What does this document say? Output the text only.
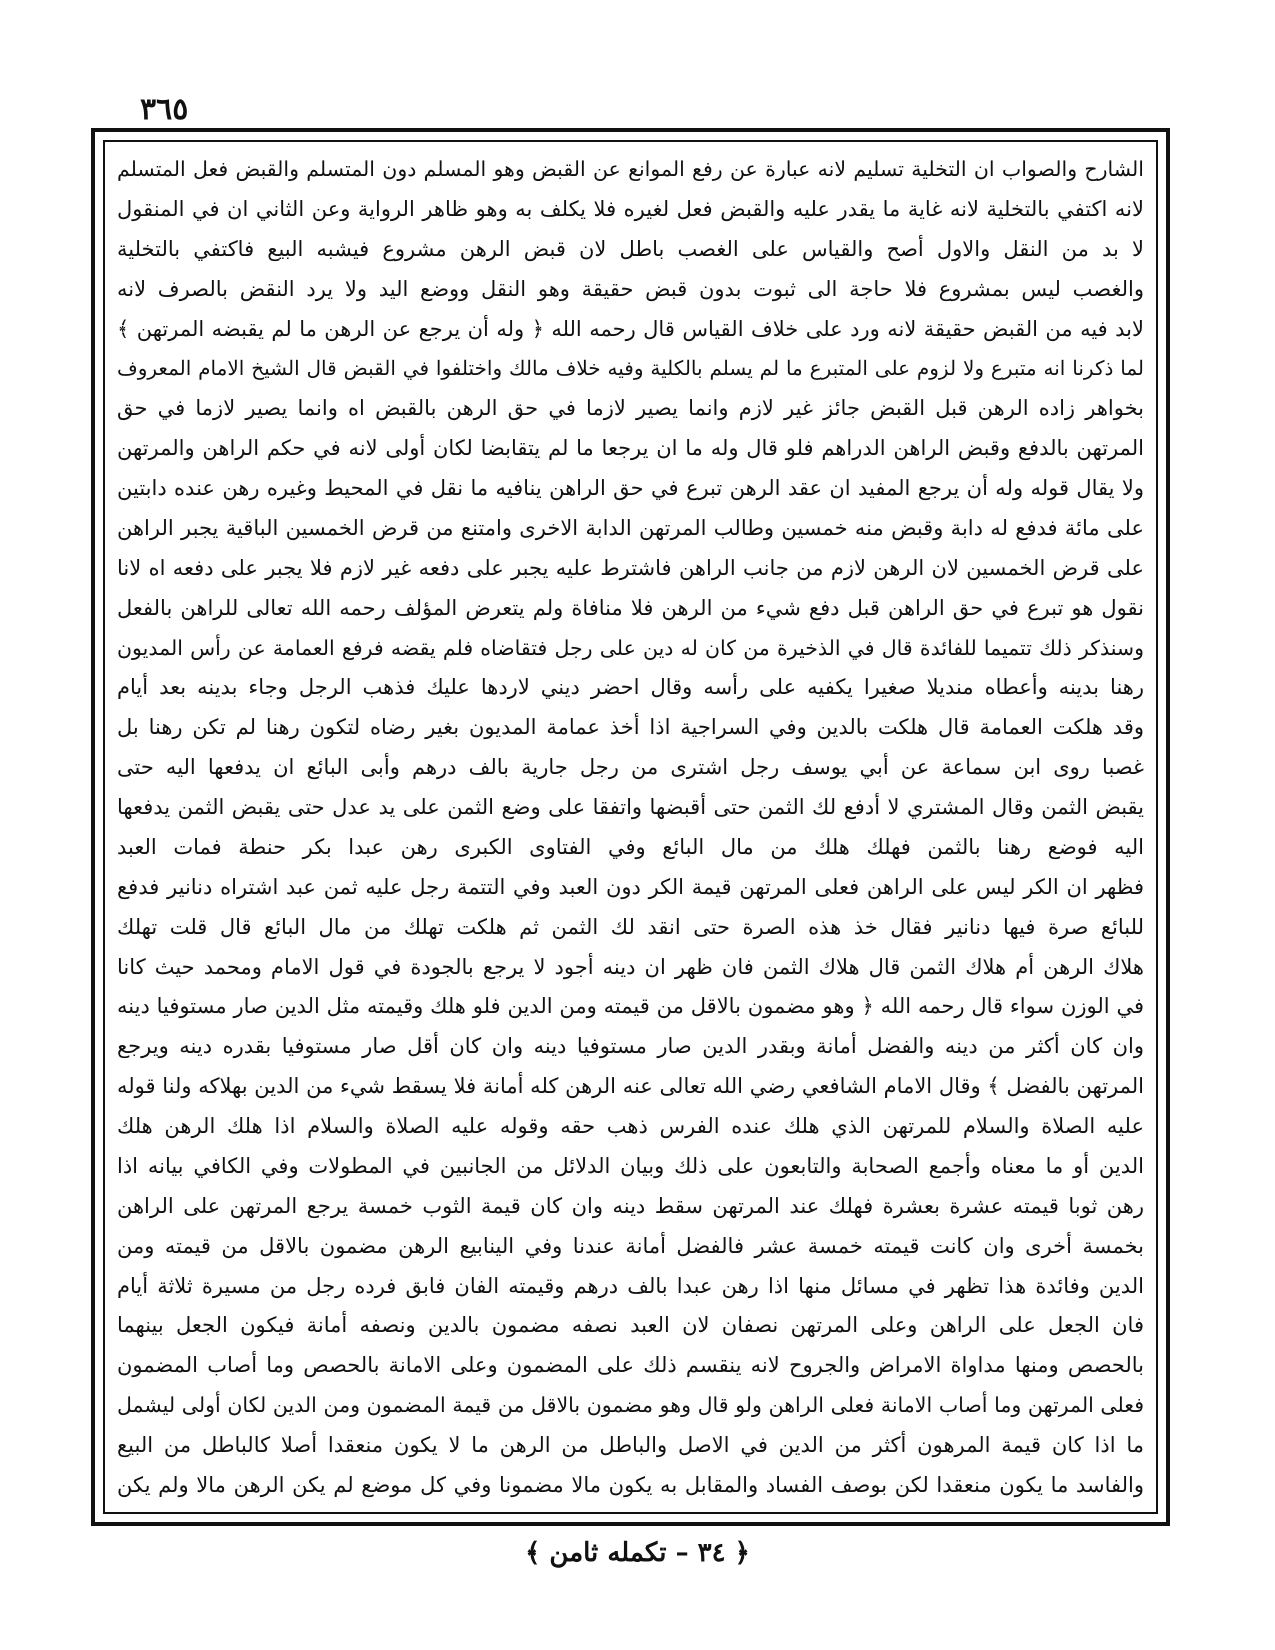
٣٦٥
الشارح والصواب ان التخلية تسليم لانه عبارة عن رفع الموانع عن القبض وهو المسلم دون المتسلم والقبض فعل المتسلم
لانه اكتفي بالتخلية لانه غاية ما يقدر عليه والقبض فعل لغيره فلا يكلف به وهو ظاهر الرواية وعن الثاني ان في المنقول
لا بد من النقل والاول أصح والقياس على الغصب باطل لان قبض الرهن مشروع فيشبه البيع فاكتفي بالتخلية
والغصب ليس بمشروع فلا حاجة الى ثبوت بدون قبض حقيقة وهو النقل ووضع اليد ولا يرد النقض بالصرف لانه
لابد فيه من القبض حقيقة لانه ورد على خلاف القياس قال رحمه الله ﴿ وله أن يرجع عن الرهن ما لم يقبضه المرتهن ﴾
لما ذكرنا انه متبرع ولا لزوم على المتبرع ما لم يسلم بالكلية وفيه خلاف مالك واختلفوا في القبض قال الشيخ الامام المعروف
بخواهر زاده الرهن قبل القبض جائز غير لازم وانما يصير لازما في حق الرهن بالقبض اه وانما يصير لازما في حق
المرتهن بالدفع وقبض الراهن الدراهم فلو قال وله ما ان يرجعا ما لم يتقابضا لكان أولى لانه في حكم الراهن والمرتهن
ولا يقال قوله وله أن يرجع المفيد ان عقد الرهن تبرع في حق الراهن ينافيه ما نقل في المحيط وغيره رهن عنده دابتين
على مائة فدفع له دابة وقبض منه خمسين وطالب المرتهن الدابة الاخرى وامتنع من قرض الخمسين الباقية يجبر الراهن
على قرض الخمسين لان الرهن لازم من جانب الراهن فاشترط عليه يجبر على دفعه غير لازم فلا يجبر على دفعه اه لانا
نقول هو تبرع في حق الراهن قبل دفع شيء من الرهن فلا منافاة ولم يتعرض المؤلف رحمه الله تعالى للراهن بالفعل
وسنذكر ذلك تتميما للفائدة قال في الذخيرة من كان له دين على رجل فتقاضاه فلم يقضه فرفع العمامة عن رأس المديون
رهنا بدينه وأعطاه منديلا صغيرا يكفيه على رأسه وقال احضر ديني لاردها عليك فذهب الرجل وجاء بدينه بعد أيام
وقد هلكت العمامة قال هلكت بالدين وفي السراجية اذا أخذ عمامة المديون بغير رضاه لتكون رهنا لم تكن رهنا بل
غصبا روى ابن سماعة عن أبي يوسف رجل اشترى من رجل جارية بالف درهم وأبى البائع ان يدفعها اليه حتى
يقبض الثمن وقال المشتري لا أدفع لك الثمن حتى أقبضها واتفقا على وضع الثمن على يد عدل حتى يقبض الثمن يدفعها
اليه فوضع رهنا بالثمن فهلك هلك من مال البائع وفي الفتاوى الكبرى رهن عبدا بكر حنطة فمات العبد
فظهر ان الكر ليس على الراهن فعلى المرتهن قيمة الكر دون العبد وفي التتمة رجل عليه ثمن عبد اشتراه دنانير فدفع
للبائع صرة فيها دنانير فقال خذ هذه الصرة حتى انقد لك الثمن ثم هلكت تهلك من مال البائع قال قلت تهلك
هلاك الرهن أم هلاك الثمن قال هلاك الثمن فان ظهر ان دينه أجود لا يرجع بالجودة في قول الامام ومحمد حيث كانا
في الوزن سواء قال رحمه الله ﴿ وهو مضمون بالاقل من قيمته ومن الدين فلو هلك وقيمته مثل الدين صار مستوفيا دينه
وان كان أكثر من دينه والفضل أمانة وبقدر الدين صار مستوفيا دينه وان كان أقل صار مستوفيا بقدره دينه ويرجع
المرتهن بالفضل ﴾ وقال الامام الشافعي رضي الله تعالى عنه الرهن كله أمانة فلا يسقط شيء من الدين بهلاكه ولنا قوله
عليه الصلاة والسلام للمرتهن الذي هلك عنده الفرس ذهب حقه وقوله عليه الصلاة والسلام اذا هلك الرهن هلك
الدين أو ما معناه وأجمع الصحابة والتابعون على ذلك وبيان الدلائل من الجانبين في المطولات وفي الكافي بيانه اذا
رهن ثوبا قيمته عشرة بعشرة فهلك عند المرتهن سقط دينه وان كان قيمة الثوب خمسة يرجع المرتهن على الراهن
بخمسة أخرى وان كانت قيمته خمسة عشر فالفضل أمانة عندنا وفي الينابيع الرهن مضمون بالاقل من قيمته ومن
الدين وفائدة هذا تظهر في مسائل منها اذا رهن عبدا بالف درهم وقيمته الفان فابق فرده رجل من مسيرة ثلاثة أيام
فان الجعل على الراهن وعلى المرتهن نصفان لان العبد نصفه مضمون بالدين ونصفه أمانة فيكون الجعل بينهما
بالحصص ومنها مداواة الامراض والجروح لانه ينقسم ذلك على المضمون وعلى الامانة بالحصص وما أصاب المضمون
فعلى المرتهن وما أصاب الامانة فعلى الراهن ولو قال وهو مضمون بالاقل من قيمة المضمون ومن الدين لكان أولى ليشمل
ما اذا كان قيمة المرهون أكثر من الدين في الاصل والباطل من الرهن ما لا يكون منعقدا أصلا كالباطل من البيع
والفاسد ما يكون منعقدا لكن بوصف الفساد والمقابل به يكون مالا مضمونا وفي كل موضع لم يكن الرهن مالا ولم يكن
﴿ ٣٤ – تكمله ثامن ﴾
